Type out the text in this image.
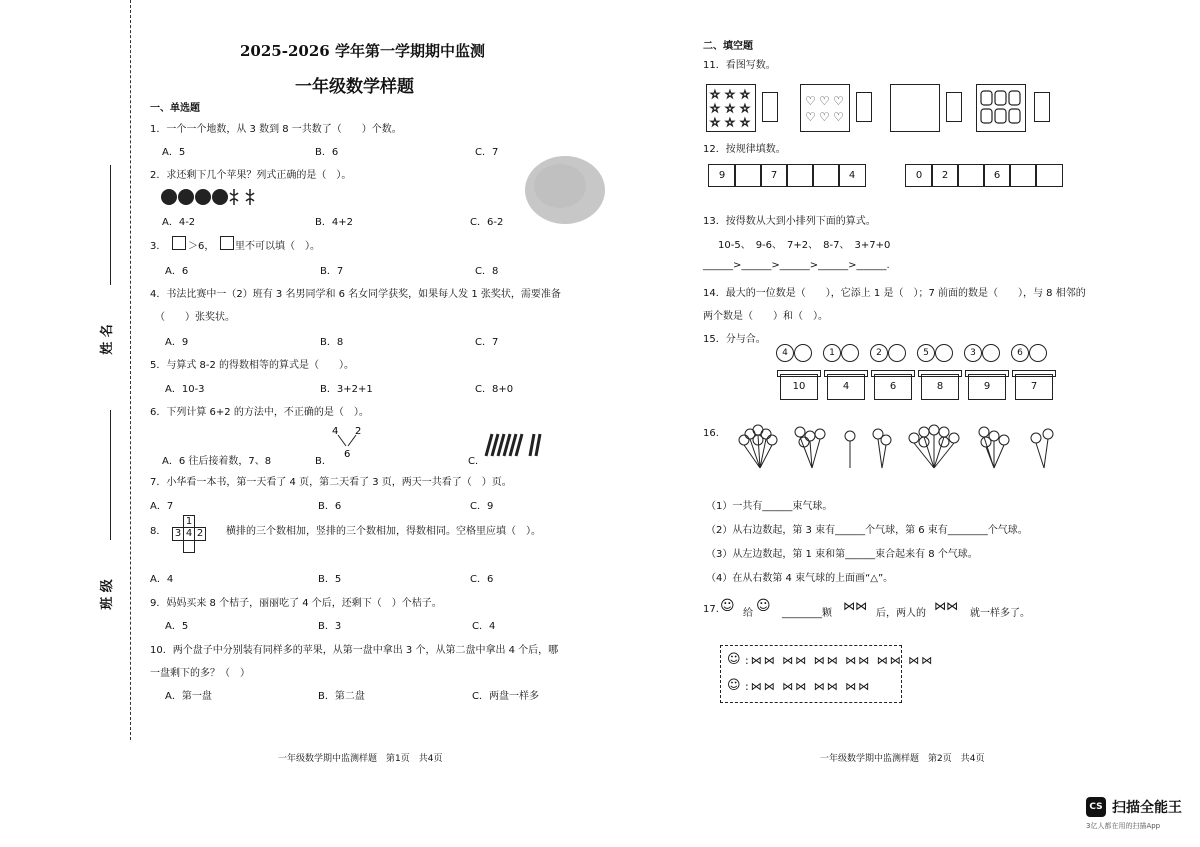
姓 名
班 级
2025-2026 学年第一学期期中监测
一年级数学样题
一、单选题
1．一个一个地数，从 3 数到 8 一共数了（　　）个数。
A．5	B．6	C．7
2．求还剩下几个苹果？列式正确的是（　）。
A．4-2	B．4+2	C．6-2
3． ＞6， 里不可以填（　）。
A．6	B．7	C．8
4．书法比赛中一（2）班有 3 名男同学和 6 名女同学获奖，如果每人发 1 张奖状，需要准备
（　　）张奖状。
A．9	B．8	C．7
5．与算式 8-2 的得数相等的算式是（　　）。
A．10-3	B．3+2+1	C．8+0
6．下列计算 6+2 的方法中，不正确的是（　）。
A．6 往后接着数，7、8	B．
4 2
6
C．
7．小华看一本书，第一天看了 4 页，第二天看了 3 页，两天一共看了（　）页。
A．7	B．6	C．9
8．
1
3 4 2 横排的三个数相加，竖排的三个数相加，得数相同。空格里应填（　）。
A．4	B．5	C．6
9．妈妈买来 8 个桔子，丽丽吃了 4 个后，还剩下（　）个桔子。
A．5	B．3	C．4
10．两个盘子中分别装有同样多的苹果，从第一盘中拿出 3 个，从第二盘中拿出 4 个后，哪
一盘剩下的多？（　）
A．第一盘	B．第二盘	C．两盘一样多
一年级数学期中监测样题　第1页　共4页
二、填空题
11．看图写数。
☆ ☆ ☆
☆ ☆ ☆
☆ ☆ ☆
♡ ♡ ♡
♡ ♡ ♡
12．按规律填数。
9	7	4	0	2	6
13．按得数从大到小排列下面的算式。
10-5、　9-6、　7+2、　8-7、　3+7+0
______>______>______>______>______.
14．最大的一位数是（　　），它添上 1 是（　）；7 前面的数是（　　），与 8 相邻的
两个数是（　　）和（　）。
15．分与合。
4
10
1
4
2
6
5
8
3
9
6
7
16.
（1）一共有______束气球。
（2）从右边数起，第 3 束有______个气球，第 6 束有________个气球。
（3）从左边数起，第 1 束和第______束合起来有 8 个气球。
（4）在从右数第 4 束气球的上面画“△”。
17. ☺ 给 ☺ ________颗
⋈⋈
后，两人的
⋈⋈
就一样多了。
☺ :⋈⋈ ⋈⋈ ⋈⋈ ⋈⋈ ⋈⋈ ⋈⋈
☺ :⋈⋈ ⋈⋈ ⋈⋈ ⋈⋈
一年级数学期中监测样题　第2页　共4页
CS 扫描全能王
3亿人都在用的扫描App
